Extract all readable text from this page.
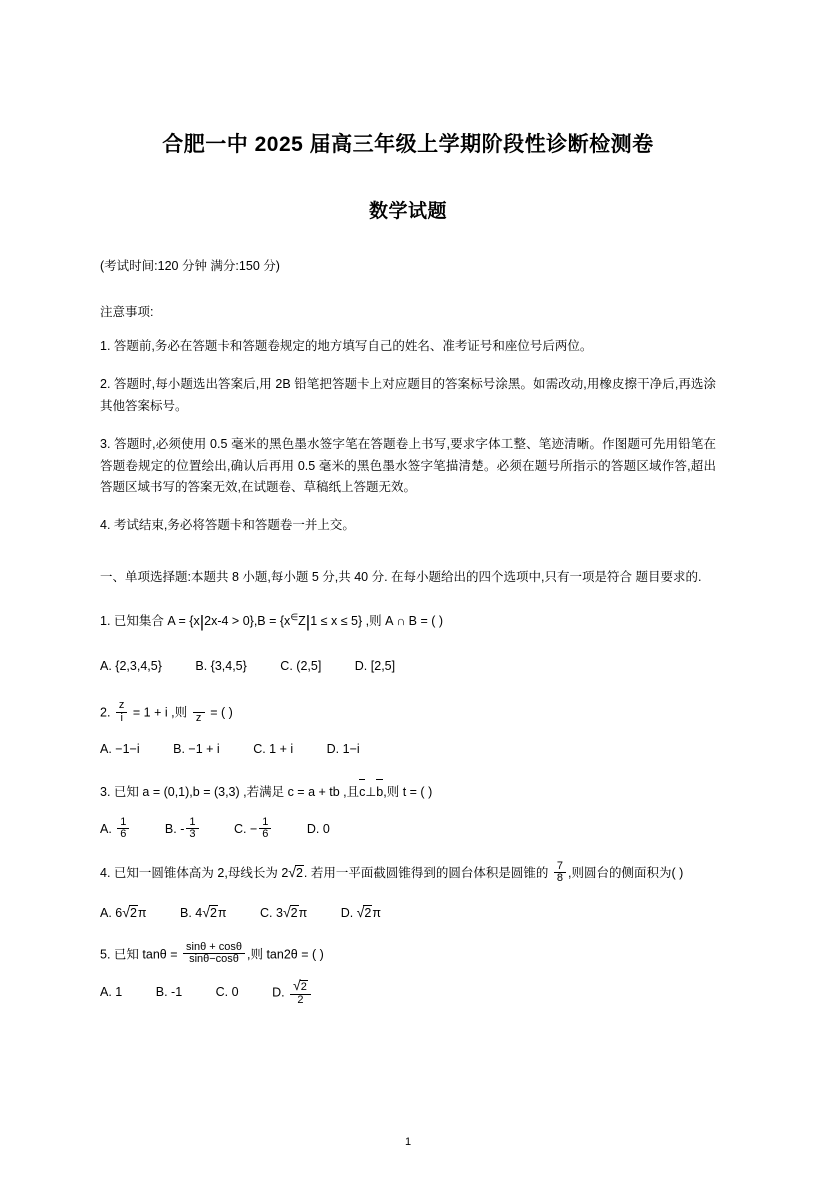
合肥一中 2025 届高三年级上学期阶段性诊断检测卷
数学试题
(考试时间:120 分钟 满分:150 分)
注意事项:
1. 答题前,务必在答题卡和答题卷规定的地方填写自己的姓名、准考证号和座位号后两位。
2. 答题时,每小题选出答案后,用 2B 铅笔把答题卡上对应题目的答案标号涂黑。如需改动,用橡皮擦干净后,再选涂其他答案标号。
3. 答题时,必须使用 0.5 毫米的黑色墨水签字笔在答题卷上书写,要求字体工整、笔迹清晰。作图题可先用铅笔在答题卷规定的位置绘出,确认后再用 0.5 毫米的黑色墨水签字笔描清楚。必须在题号所指示的答题区域作答,超出答题区域书写的答案无效,在试题卷、草稿纸上答题无效。
4. 考试结束,务必将答题卡和答题卷一并上交。
一、单项选择题:本题共 8 小题,每小题 5 分,共 40 分. 在每小题给出的四个选项中,只有一项是符合 题目要求的.
1. 已知集合 A = {x|2x-4 > 0},B = {x∈Z|1 ≤ x ≤ 5} ,则 A ∩ B = ( )
A. {2,3,4,5}	B. {3,4,5}	C. (2,5]	D. [2,5]
2. $\frac{z}{i} = 1 + i$ ,则
z = ( )
A. −1−i	B. −1 + i	C. 1 + i	D. 1−i
3. 已知 a = (0,1),b = (3,3) ,若满足 c = a + tb ,且c⊥b,则 t = ( )
A. $\frac{1}{6}$	B. - $\frac{1}{3}$	C. − $\frac{1}{6}$	D. 0
4. 已知一圆锥体高为 2,母线长为 2√2. 若用一平面截圆锥得到的圆台体积是圆锥的 $\frac{7}{8}$ ,则圆台的侧面积为( )
A. 6√2π	B. 4√2π	C. 3√2π	D. √2π
5. 已知 $\tan\theta = \frac{\sin\theta + \cos\theta}{\sin\theta-\cos\theta}$ ,则 tan2θ = ( )
A. 1	B. -1	C. 0	D. $\frac{√2}{2}$
1
